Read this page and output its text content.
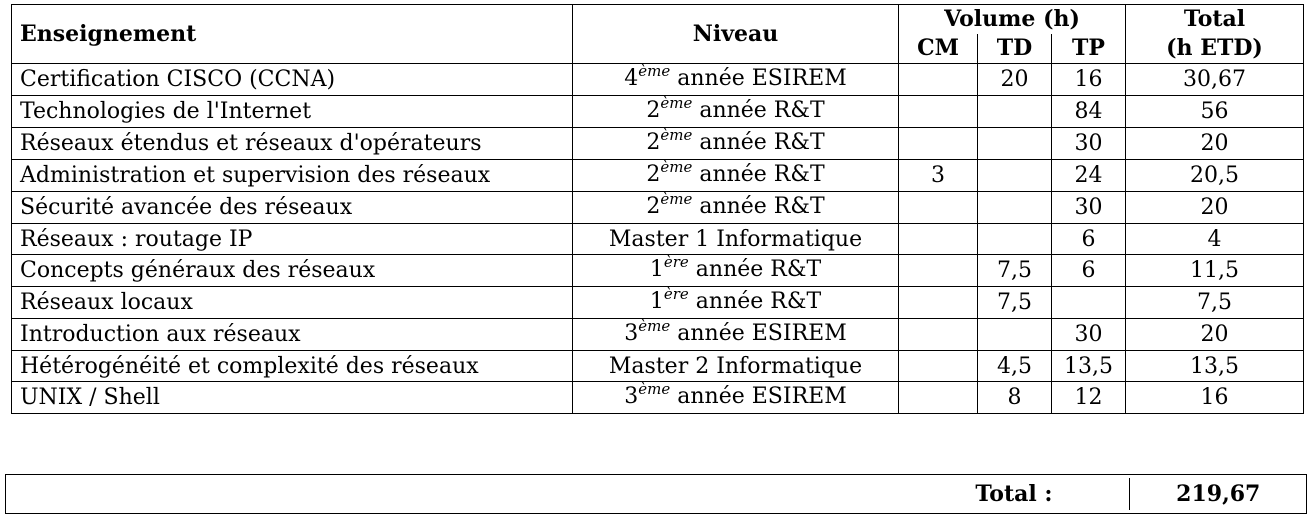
Enseignement	Niveau	Volume (h)			Total
		CM	TD	TP	(h ETD)
Certification CISCO (CCNA)	4ème année ESIREM		20	16	30,67
Technologies de l'Internet	2ème année R&T			84	56
Réseaux étendus et réseaux d'opérateurs	2ème année R&T			30	20
Administration et supervision des réseaux	2ème année R&T	3		24	20,5
Sécurité avancée des réseaux	2ème année R&T			30	20
Réseaux : routage IP	Master 1 Informatique			6	4
Concepts généraux des réseaux	1ère année R&T		7,5	6	11,5
Réseaux locaux	1ère année R&T		7,5		7,5
Introduction aux réseaux	3ème année ESIREM			30	20
Hétérogénéité et complexité des réseaux	Master 2 Informatique		4,5	13,5	13,5
UNIX / Shell	3ème année ESIREM		8	12	16
Total :	219,67
